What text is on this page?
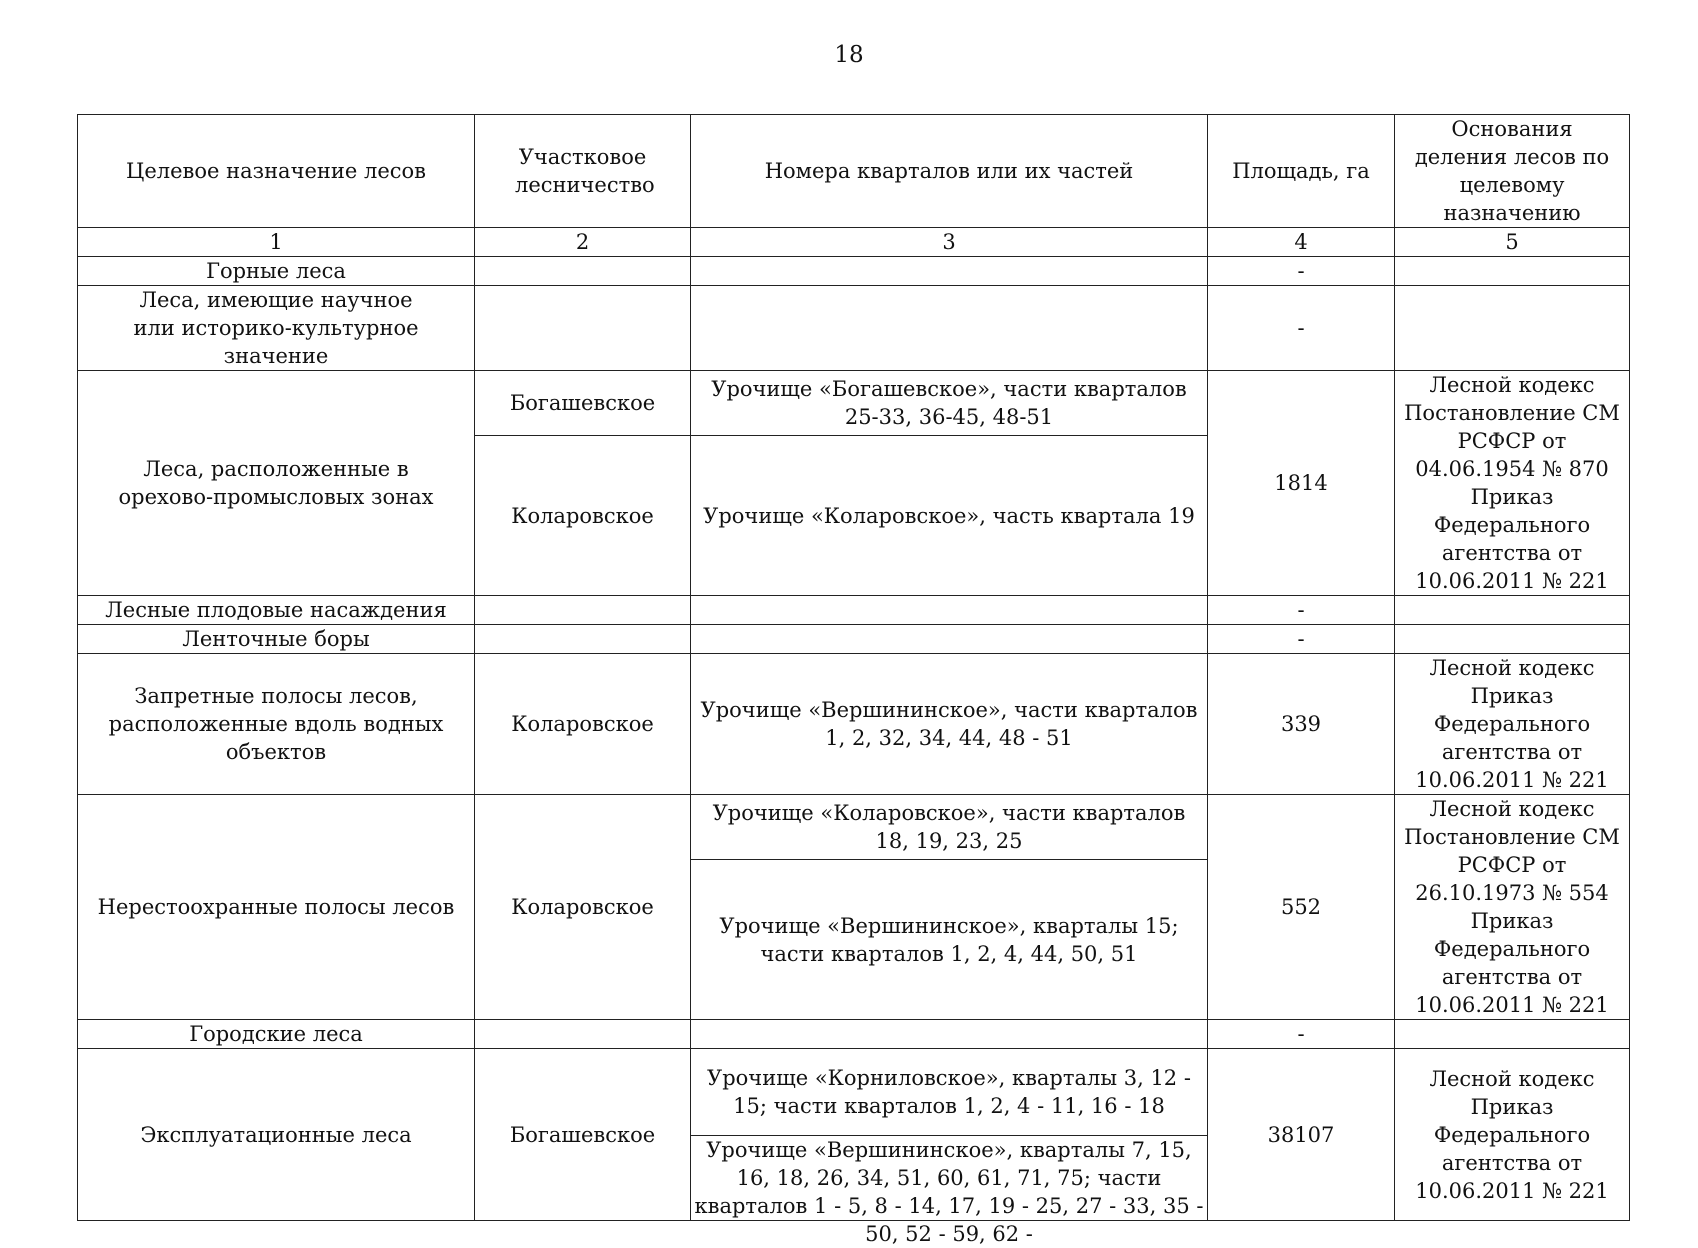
18
Целевое назначение лесов	Участковое лесничество	Номера кварталов или их частей	Площадь, га	Основания деления лесов по целевому назначению
1	2	3	4	5
Горные леса			-	
Леса, имеющие научное или историко-культурное значение			-	
Леса, расположенные в орехово-промысловых зонах	Богашевское	Урочище «Богашевское», части кварталов 25-33, 36-45, 48-51	1814	Лесной кодекс
Постановление СМ РСФСР от 04.06.1954 № 870
Приказ Федерального агентства от 10.06.2011 № 221
	Коларовское	Урочище «Коларовское», часть квартала 19		
Лесные плодовые насаждения			-	
Ленточные боры			-	
Запретные полосы лесов, расположенные вдоль водных объектов	Коларовское	Урочище «Вершининское», части кварталов 1, 2, 32, 34, 44, 48 - 51	339	Лесной кодекс
Приказ Федерального агентства от 10.06.2011 № 221
Нерестоохранные полосы лесов	Коларовское	Урочище «Коларовское», части кварталов 18, 19, 23, 25	552	Лесной кодекс
Постановление СМ РСФСР от 26.10.1973 № 554
Приказ Федерального агентства от 10.06.2011 № 221
		Урочище «Вершининское», кварталы 15; части кварталов 1, 2, 4, 44, 50, 51		
Городские леса			-	
Эксплуатационные леса	Богашевское	Урочище «Корниловское», кварталы 3, 12 - 15; части кварталов 1, 2, 4 - 11, 16 - 18	38107	Лесной кодекс
Приказ Федерального агентства от 10.06.2011 № 221

		Урочище «Вершининское», кварталы 7, 15, 16, 18, 26, 34, 51, 60, 61, 71, 75; части кварталов 1 - 5, 8 - 14, 17, 19 - 25, 27 - 33, 35 - 50, 52 - 59, 62 -		
